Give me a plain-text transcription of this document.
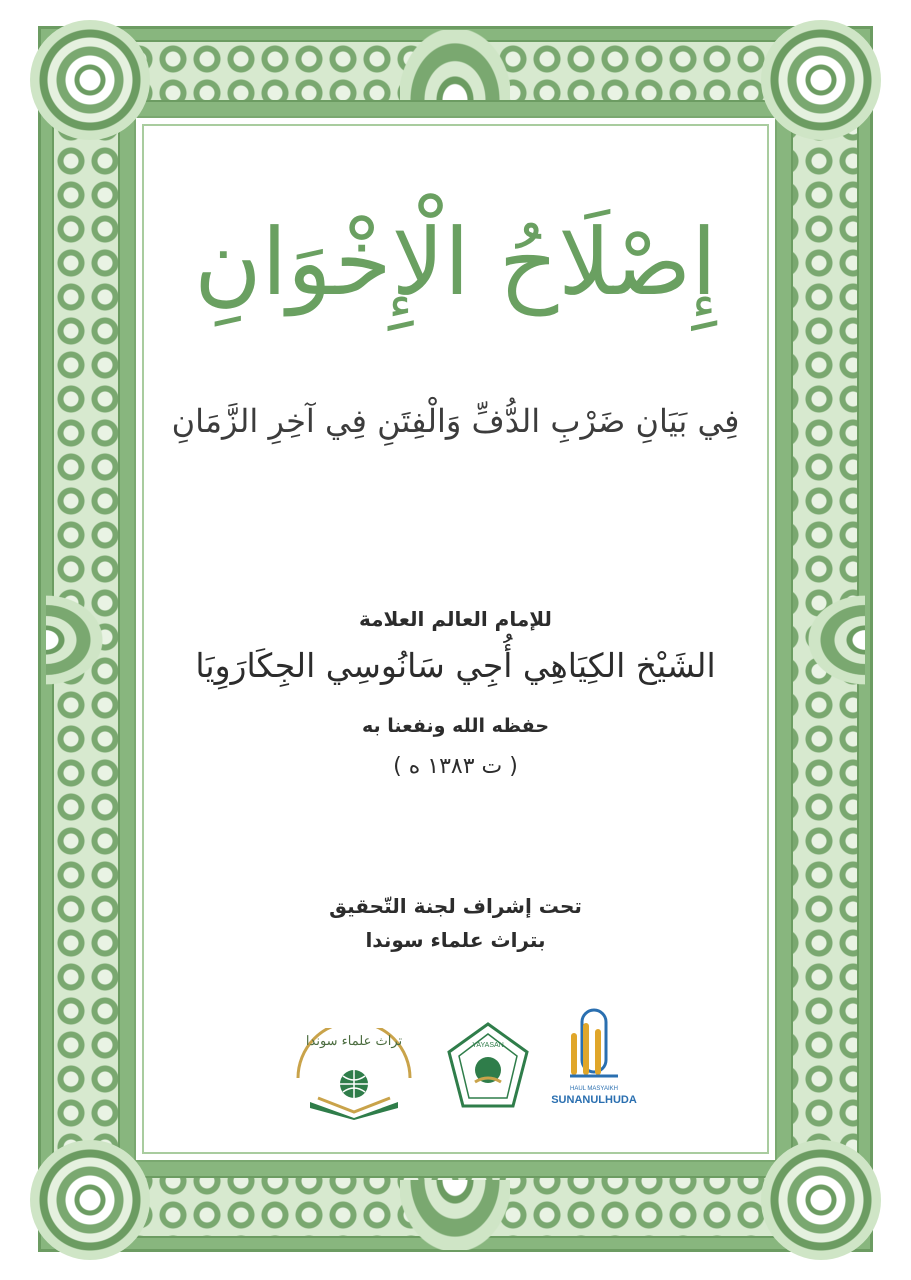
إِصْلَاحُ الْإِخْوَانِ
فِي بَيَانِ ضَرْبِ الدُّفِّ وَالْفِتَنِ فِي آخِرِ الزَّمَانِ
للإمام العالم العلامة
الشَيْخ الكِيَاهِي أُجِي سَانُوسِي الجِكَارَوِيَا
حفظه الله ونفعنا به
( ت ١٣٨٣ ه )
تحت إشراف لجنة التّحقيق
بتراث علماء سوندا
تراث علماء سوندا	YAYASAN
HAUL MASYAIKH
SUNANULHUDA
